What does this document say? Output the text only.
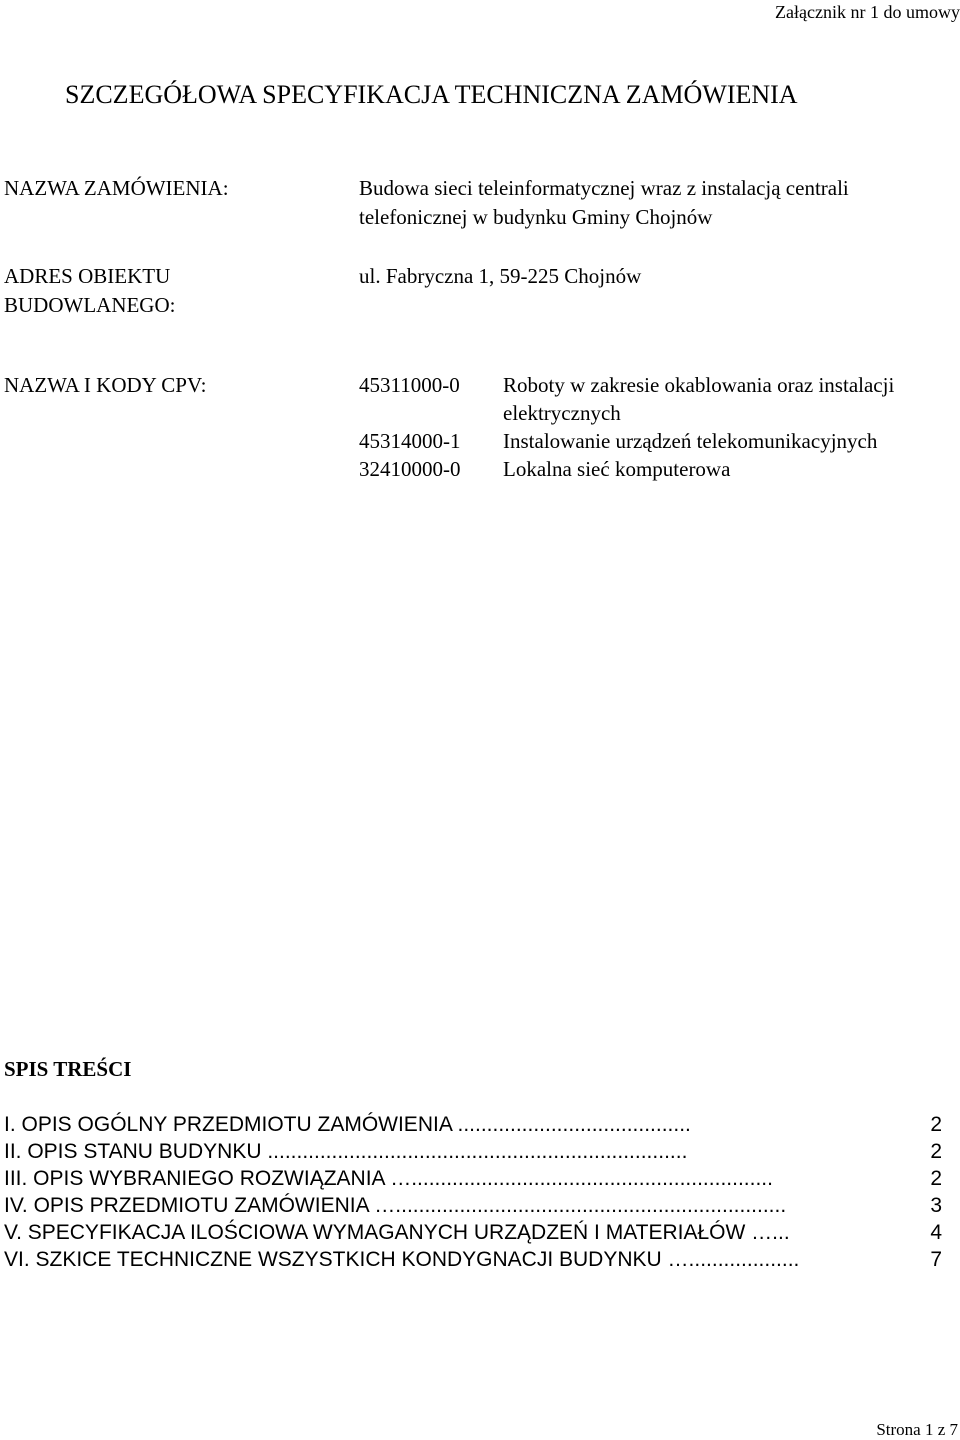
Załącznik nr 1 do umowy
SZCZEGÓŁOWA SPECYFIKACJA TECHNICZNA ZAMÓWIENIA
NAZWA ZAMÓWIENIA:	Budowa sieci teleinformatycznej wraz z instalacją centrali
telefonicznej w budynku Gminy Chojnów
ADRES OBIEKTU
BUDOWLANEGO:
ul. Fabryczna 1, 59-225 Chojnów
NAZWA I KODY CPV:	45311000-0 Roboty w zakresie okablowania oraz instalacji elektrycznych
45314000-1 Instalowanie urządzeń telekomunikacyjnych
32410000-0 Lokalna sieć komputerowa
SPIS TREŚCI
I. OPIS OGÓLNY PRZEDMIOTU ZAMÓWIENIA ........................................	2
II. OPIS STANU BUDYNKU ........................................................................	2
III. OPIS WYBRANIEGO ROZWIĄZANIA …..............................................................	2
IV. OPIS PRZEDMIOTU ZAMÓWIENIA …...................................................................	3
V. SPECYFIKACJA ILOŚCIOWA WYMAGANYCH URZĄDZEŃ I MATERIAŁÓW …...	4
VI. SZKICE TECHNICZNE WSZYSTKICH KONDYGNACJI BUDYNKU …...................	7
Strona 1 z 7
